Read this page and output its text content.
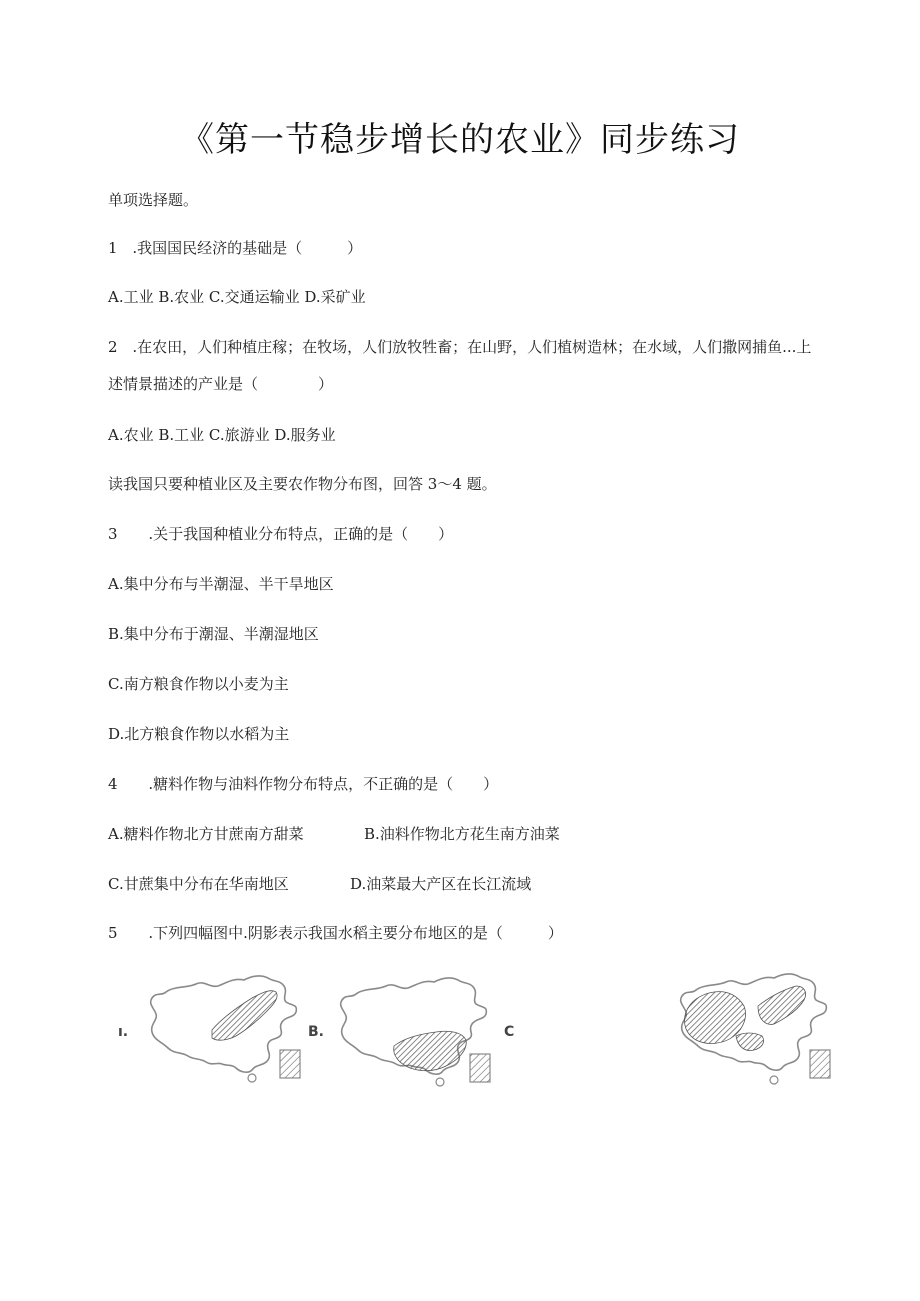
《第一节稳步增长的农业》同步练习
单项选择题。
1 .我国国民经济的基础是（　　　）
A.工业 B.农业 C.交通运输业 D.采矿业
2 .在农田，人们种植庄稼；在牧场，人们放牧牲畜；在山野，人们植树造林；在水域，人们撒网捕鱼...上
述情景描述的产业是（　　　　）
A.农业 B.工业 C.旅游业 D.服务业
读我国只要种植业区及主要农作物分布图，回答 3～4 题。
3 .关于我国种植业分布特点，正确的是（　　）
A.集中分布与半潮湿、半干旱地区
B.集中分布于潮湿、半潮湿地区
C.南方粮食作物以小麦为主
D.北方粮食作物以水稻为主
4 .糖料作物与油料作物分布特点，不正确的是（　　）
A.糖料作物北方甘蔗南方甜菜	B.油料作物北方花生南方油菜
C.甘蔗集中分布在华南地区	D.油菜最大产区在长江流域
5 .下列四幅图中.阴影表示我国水稻主要分布地区的是（　　　）
ı.	B.	C
